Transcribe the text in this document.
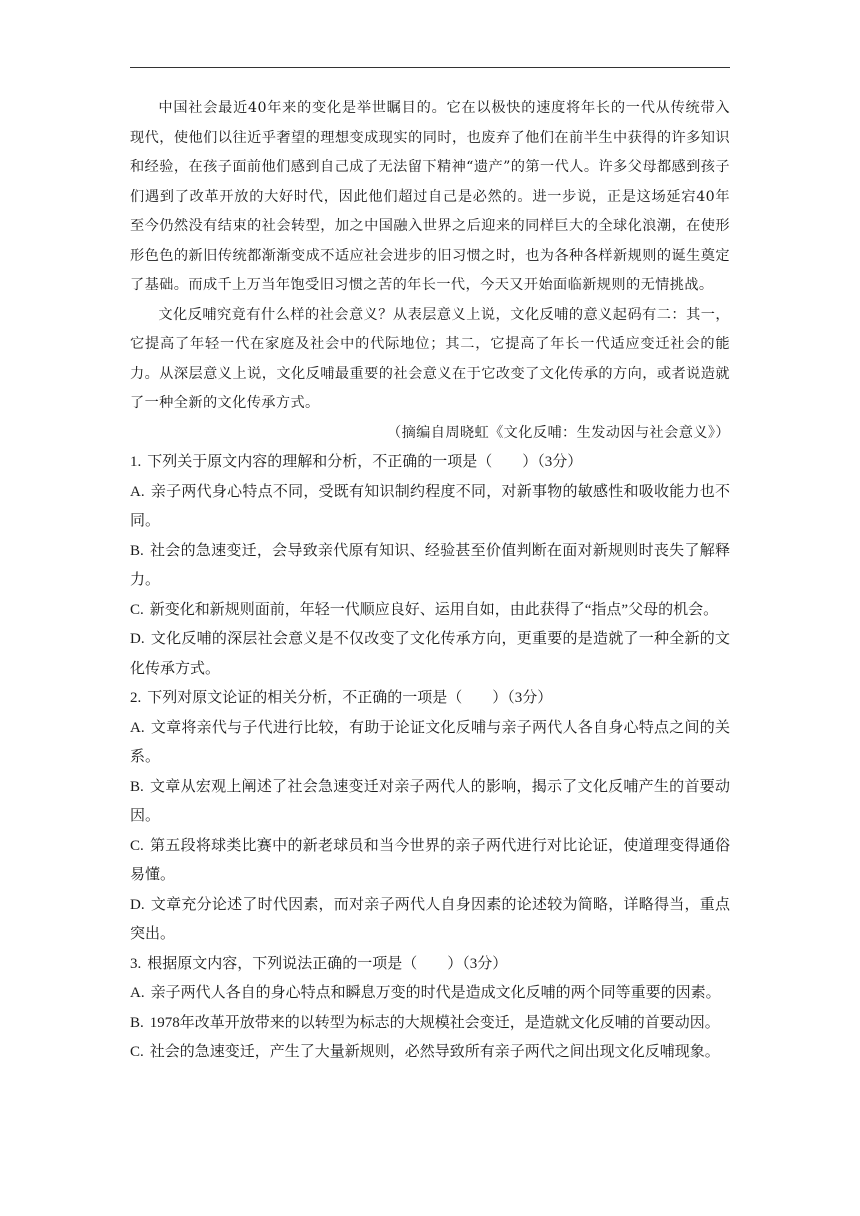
中国社会最近40年来的变化是举世瞩目的。它在以极快的速度将年长的一代从传统带入现代，使他们以往近乎奢望的理想变成现实的同时，也废弃了他们在前半生中获得的许多知识和经验，在孩子面前他们感到自己成了无法留下精神“遗产”的第一代人。许多父母都感到孩子们遇到了改革开放的大好时代，因此他们超过自己是必然的。进一步说，正是这场延宕40年至今仍然没有结束的社会转型，加之中国融入世界之后迎来的同样巨大的全球化浪潮，在使形形色色的新旧传统都渐渐变成不适应社会进步的旧习惯之时，也为各种各样新规则的诞生奠定了基础。而成千上万当年饱受旧习惯之苦的年长一代，今天又开始面临新规则的无情挑战。

文化反哺究竟有什么样的社会意义？从表层意义上说，文化反哺的意义起码有二：其一，它提高了年轻一代在家庭及社会中的代际地位；其二，它提高了年长一代适应变迁社会的能力。从深层意义上说，文化反哺最重要的社会意义在于它改变了文化传承的方向，或者说造就了一种全新的文化传承方式。

（摘编自周晓虹《文化反哺：生发动因与社会意义》）

1. 下列关于原文内容的理解和分析，不正确的一项是（　　）（3分）

A. 亲子两代身心特点不同，受既有知识制约程度不同，对新事物的敏感性和吸收能力也不同。

B. 社会的急速变迁，会导致亲代原有知识、经验甚至价值判断在面对新规则时丧失了解释力。

C. 新变化和新规则面前，年轻一代顺应良好、运用自如，由此获得了“指点”父母的机会。

D. 文化反哺的深层社会意义是不仅改变了文化传承方向，更重要的是造就了一种全新的文化传承方式。

2. 下列对原文论证的相关分析，不正确的一项是（　　）（3分）

A. 文章将亲代与子代进行比较，有助于论证文化反哺与亲子两代人各自身心特点之间的关系。

B. 文章从宏观上阐述了社会急速变迁对亲子两代人的影响，揭示了文化反哺产生的首要动因。

C. 第五段将球类比赛中的新老球员和当今世界的亲子两代进行对比论证，使道理变得通俗易懂。

D. 文章充分论述了时代因素，而对亲子两代人自身因素的论述较为简略，详略得当，重点突出。

3. 根据原文内容，下列说法正确的一项是（　　）（3分）

A. 亲子两代人各自的身心特点和瞬息万变的时代是造成文化反哺的两个同等重要的因素。

B. 1978年改革开放带来的以转型为标志的大规模社会变迁，是造就文化反哺的首要动因。

C. 社会的急速变迁，产生了大量新规则，必然导致所有亲子两代之间出现文化反哺现象。
